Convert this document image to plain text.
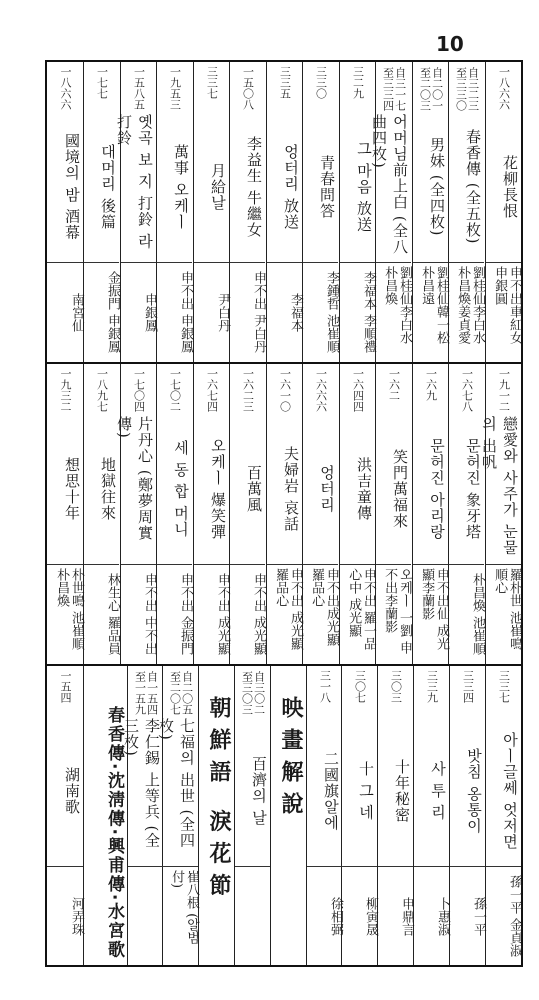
10
一八六六
花柳長恨
申不出車紅女 申銀圓
自三二三 至三三〇
春香傳 (全五枚)
劉桂仙李白水 朴昌煥姜貞愛
自二〇一 至二〇三
男妹 (全四枚)
劉桂仙韓一松 朴昌遠
自三一七 至三三四
어머님前上白 (全八曲四枚)
劉桂仙李白水 朴昌煥
三二九
그 마음 放送
李福本 李順禮
三三〇
青春問答
李鍾哲 池崔順
三三五
엉터리 放送
李福本
一五〇八
李益生 牛繼女
申不出 尹白丹
三三七
月給날
尹白丹
一九五三
萬事 오케ㅣ
申不出 申銀鳳
一五八五
옛곡 보 지 打鈴 라 打鈴
申銀鳳
一七七
대머리 後篇
金振門 申銀鳳
一八六六
國境의 밤 酒幕
南宮仙
一九一二
戀愛와 사주가 눈물의 出帆
羅朴世 池崔鳴 順心
一六七八
문허진 象牙塔
朴昌煥 池崔順
一六九
문허진 아리랑
申不出仙 成光顯李蘭影
一六二
笑門萬福來
오케ㅣ 一劉 申不出李蘭影
一六四四
洪吉童傳
申不出 羅一品 心中 成光顯
一六六六
엉터리
申不出成光顯 羅品心
一六一〇
夫婦岩 哀話
申不出 成光顯 羅品心
一六二三
百萬風
申不出 成光顯
一六七四
오케ㅣ 爆笑彈
申不出 成光顯
一七〇二
세 동 합 머니
申不出 金振門
一七〇四
片丹心 (鄭夢周實傳)
申不出 中不出
一八九七
地獄往來
林生心 羅品員
一九三二
想思十年
朴世鳴 池崔順 朴昌煥
映畫解說
朝鮮語 淚花節
三三七
아ㅣ글쎄 엇저면
孫一平 金貞淑
三三四
밧침 옹통이
孫一平
三三九
사 투 리
卜惠淑
三〇三
十年秘密
申鼎言
三〇七
十 그 네
柳寅晟
三一八
二國旗알에
徐相弼
自三〇二 至三〇三
百濟의 날
自二〇五 至二〇七
七福의 出世 (全四枚)
崔八根 (알범付)
自一五四 至一五九
李仁錫 上等兵 (全三枚)
一五四
湖南歌
河弄珠	春香傳·沈淸傳·興甫傳·水宮歌
